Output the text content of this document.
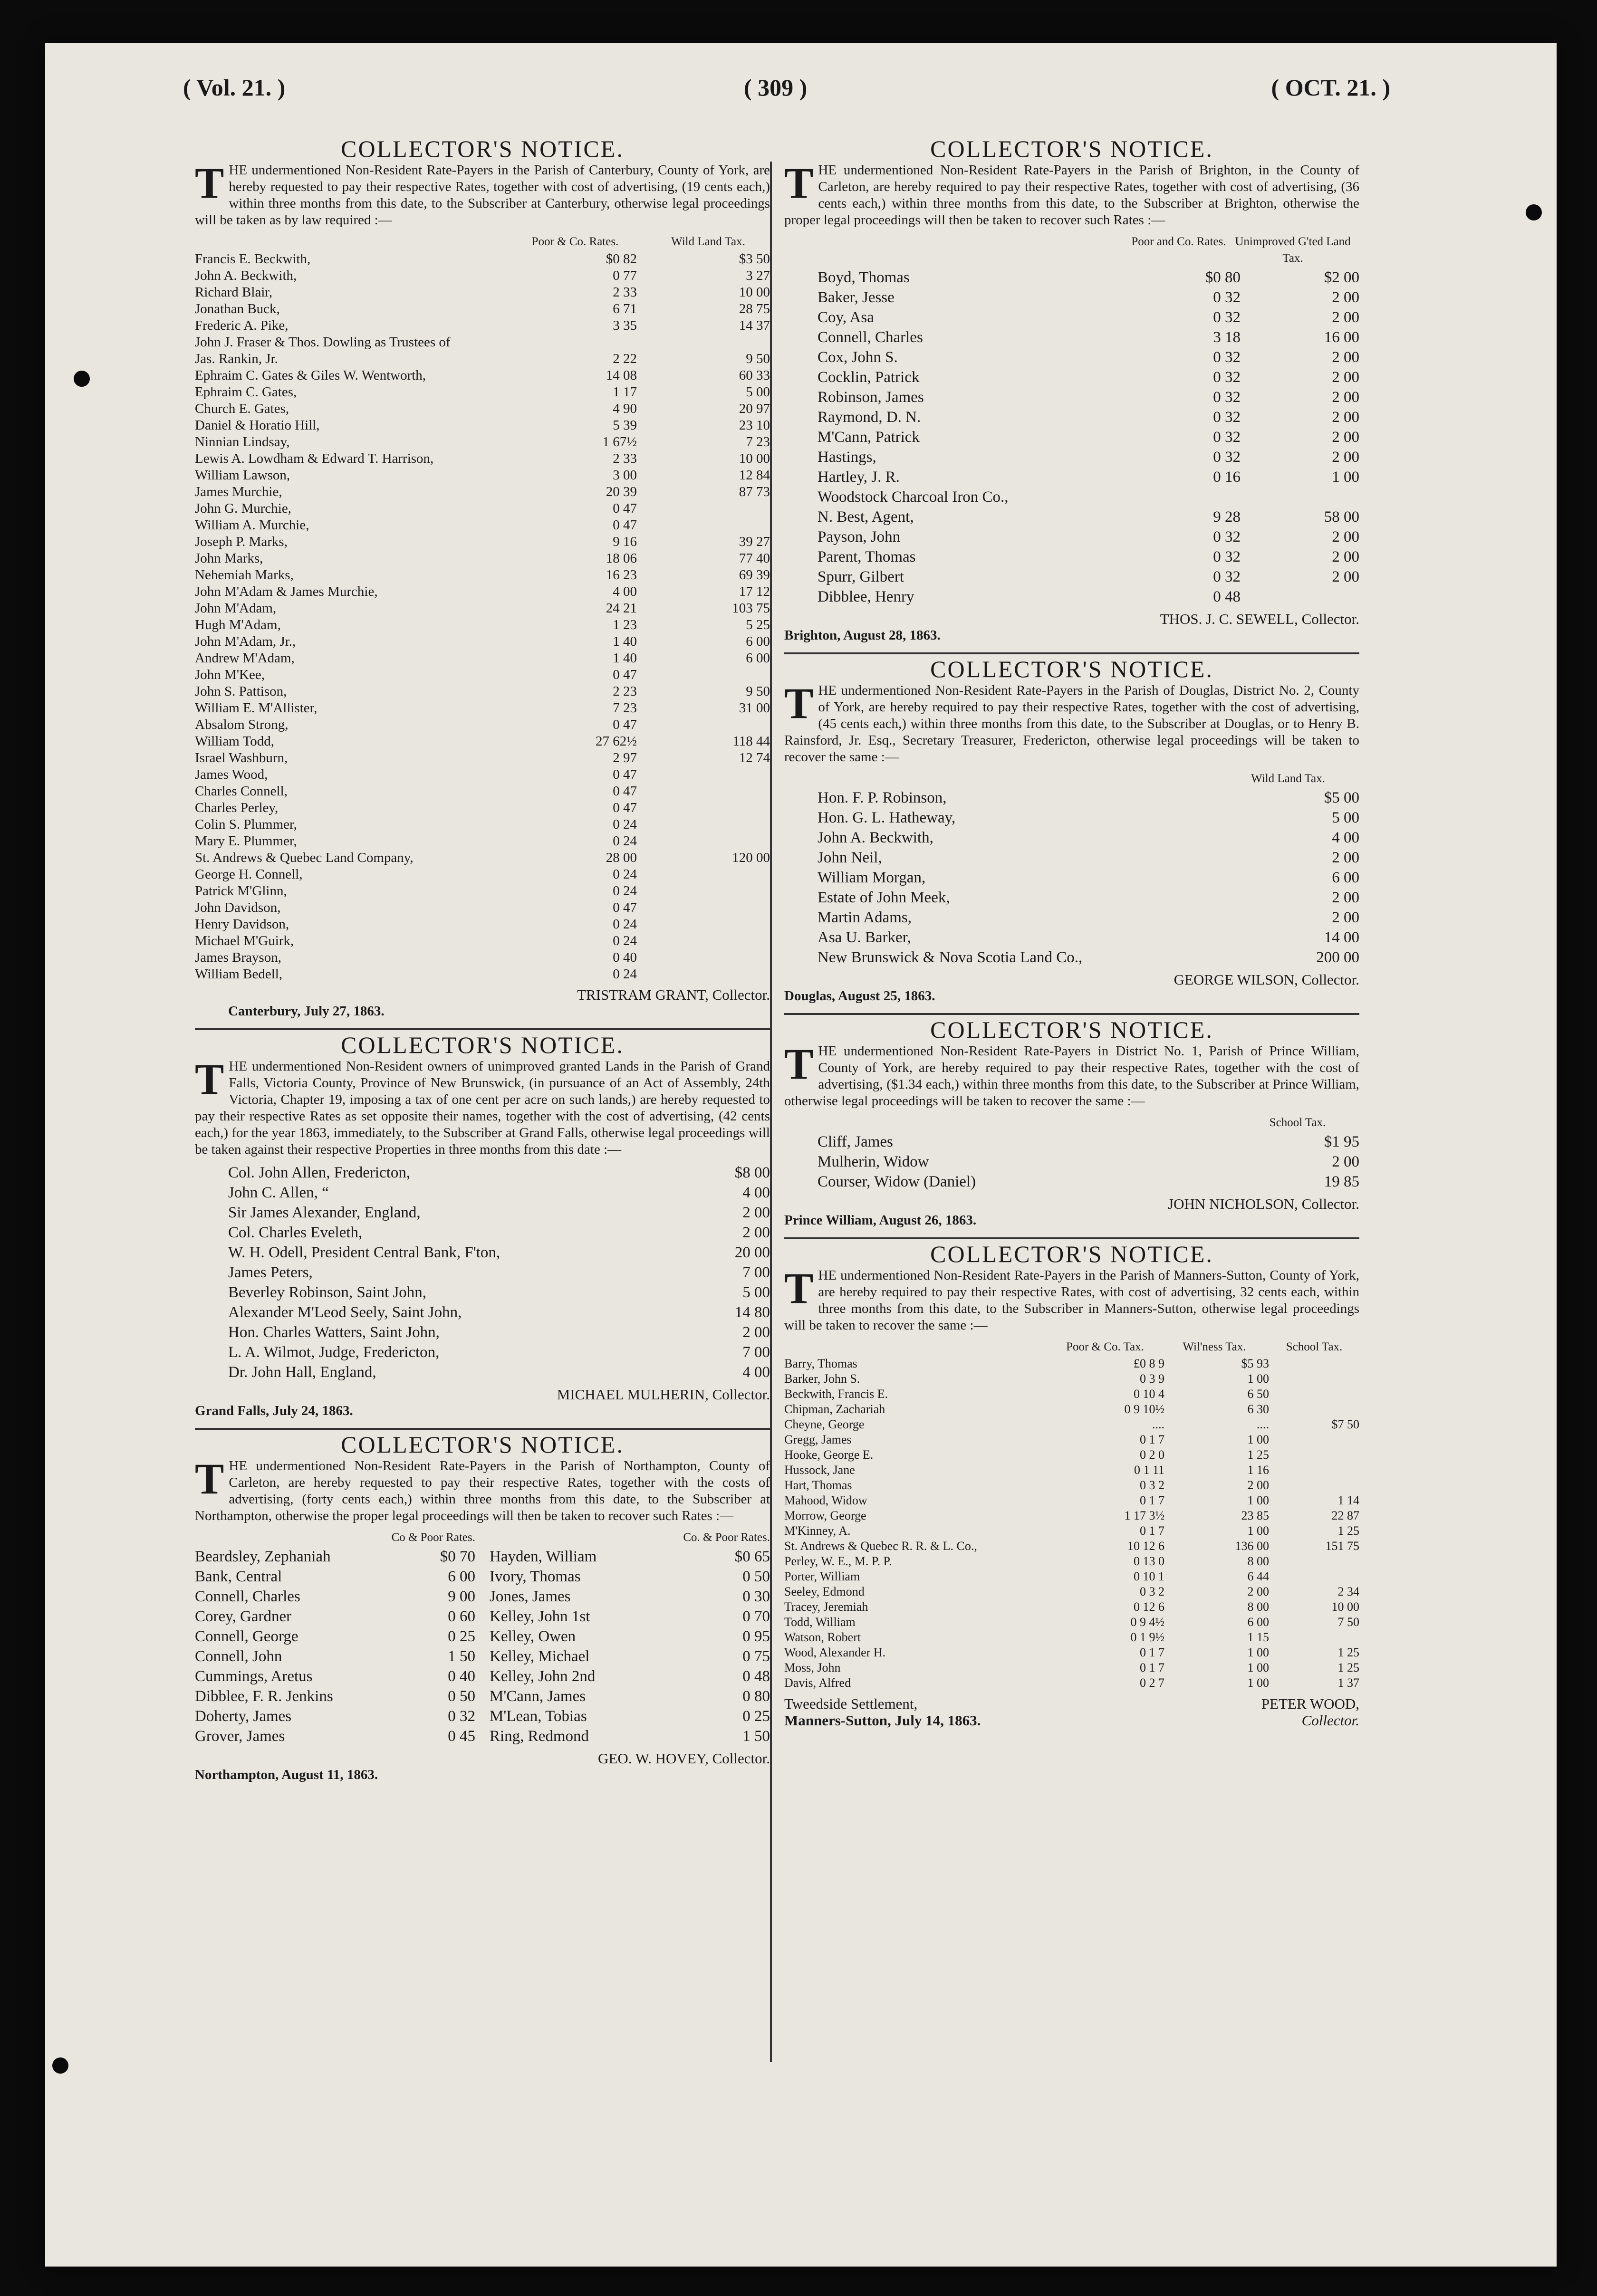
( Vol. 21. )	( 309 )	( OCT. 21. )
COLLECTOR'S NOTICE.
THE undermentioned Non-Resident Rate-Payers in the Parish of Canterbury, County of York, are hereby requested to pay their respective Rates, together with cost of advertising, (19 cents each,) within three months from this date, to the Subscriber at Canterbury, otherwise legal proceedings will be taken as by law required :—
Poor & Co. Rates.	Wild Land Tax.
Francis E. Beckwith,	$0 82	$3 50
John A. Beckwith,	0 77	3 27
Richard Blair,	2 33	10 00
Jonathan Buck,	6 71	28 75
Frederic A. Pike,	3 35	14 37
John J. Fraser & Thos. Dowling as Trustees of
Jas. Rankin, Jr.	2 22	9 50
Ephraim C. Gates & Giles W. Wentworth,	14 08	60 33
Ephraim C. Gates,	1 17	5 00
Church E. Gates,	4 90	20 97
Daniel & Horatio Hill,	5 39	23 10
Ninnian Lindsay,	1 67½	7 23
Lewis A. Lowdham & Edward T. Harrison,	2 33	10 00
William Lawson,	3 00	12 84
James Murchie,	20 39	87 73
John G. Murchie,	0 47
William A. Murchie,	0 47
Joseph P. Marks,	9 16	39 27
John Marks,	18 06	77 40
Nehemiah Marks,	16 23	69 39
John M'Adam & James Murchie,	4 00	17 12
John M'Adam,	24 21	103 75
Hugh M'Adam,	1 23	5 25
John M'Adam, Jr.,	1 40	6 00
Andrew M'Adam,	1 40	6 00
John M'Kee,	0 47
John S. Pattison,	2 23	9 50
William E. M'Allister,	7 23	31 00
Absalom Strong,	0 47
William Todd,	27 62½	118 44
Israel Washburn,	2 97	12 74
James Wood,	0 47
Charles Connell,	0 47
Charles Perley,	0 47
Colin S. Plummer,	0 24
Mary E. Plummer,	0 24
St. Andrews & Quebec Land Company,	28 00	120 00
George H. Connell,	0 24
Patrick M'Glinn,	0 24
John Davidson,	0 47
Henry Davidson,	0 24
Michael M'Guirk,	0 24
James Brayson,	0 40
William Bedell,	0 24
TRISTRAM GRANT, Collector.
Canterbury, July 27, 1863.
COLLECTOR'S NOTICE.
THE undermentioned Non-Resident owners of unimproved granted Lands in the Parish of Grand Falls, Victoria County, Province of New Brunswick, (in pursuance of an Act of Assembly, 24th Victoria, Chapter 19, imposing a tax of one cent per acre on such lands,) are hereby requested to pay their respective Rates as set opposite their names, together with the cost of advertising, (42 cents each,) for the year 1863, immediately, to the Subscriber at Grand Falls, otherwise legal proceedings will be taken against their respective Properties in three months from this date :—
Col. John Allen, Fredericton,	$8 00
John C. Allen, “	4 00
Sir James Alexander, England,	2 00
Col. Charles Eveleth,	2 00
W. H. Odell, President Central Bank, F'ton,	20 00
James Peters,	7 00
Beverley Robinson, Saint John,	5 00
Alexander M'Leod Seely, Saint John,	14 80
Hon. Charles Watters, Saint John,	2 00
L. A. Wilmot, Judge, Fredericton,	7 00
Dr. John Hall, England,	4 00
MICHAEL MULHERIN, Collector.
Grand Falls, July 24, 1863.
COLLECTOR'S NOTICE.
THE undermentioned Non-Resident Rate-Payers in the Parish of Northampton, County of Carleton, are hereby requested to pay their respective Rates, together with the costs of advertising, (forty cents each,) within three months from this date, to the Subscriber at Northampton, otherwise the proper legal proceedings will then be taken to recover such Rates :—
Co & Poor Rates.
Beardsley, Zephaniah	$0 70
Bank, Central	6 00
Connell, Charles	9 00
Corey, Gardner	0 60
Connell, George	0 25
Connell, John	1 50
Cummings, Aretus	0 40
Dibblee, F. R. Jenkins	0 50
Doherty, James	0 32
Grover, James	0 45
Co. & Poor Rates.
Hayden, William	$0 65
Ivory, Thomas	0 50
Jones, James	0 30
Kelley, John 1st	0 70
Kelley, Owen	0 95
Kelley, Michael	0 75
Kelley, John 2nd	0 48
M'Cann, James	0 80
M'Lean, Tobias	0 25
Ring, Redmond	1 50
GEO. W. HOVEY, Collector.
Northampton, August 11, 1863.
COLLECTOR'S NOTICE.
THE undermentioned Non-Resident Rate-Payers in the Parish of Brighton, in the County of Carleton, are hereby required to pay their respective Rates, together with cost of advertising, (36 cents each,) within three months from this date, to the Subscriber at Brighton, otherwise the proper legal proceedings will then be taken to recover such Rates :—
Poor and Co. Rates. Unimproved G'ted Land Tax.
Boyd, Thomas	$0 80	$2 00
Baker, Jesse	0 32	2 00
Coy, Asa	0 32	2 00
Connell, Charles	3 18	16 00
Cox, John S.	0 32	2 00
Cocklin, Patrick	0 32	2 00
Robinson, James	0 32	2 00
Raymond, D. N.	0 32	2 00
M'Cann, Patrick	0 32	2 00
Hastings,	0 32	2 00
Hartley, J. R.	0 16	1 00
Woodstock Charcoal Iron Co.,
N. Best, Agent,	9 28	58 00
Payson, John	0 32	2 00
Parent, Thomas	0 32	2 00
Spurr, Gilbert	0 32	2 00
Dibblee, Henry	0 48
THOS. J. C. SEWELL, Collector.
Brighton, August 28, 1863.
COLLECTOR'S NOTICE.
THE undermentioned Non-Resident Rate-Payers in the Parish of Douglas, District No. 2, County of York, are hereby required to pay their respective Rates, together with the cost of advertising, (45 cents each,) within three months from this date, to the Subscriber at Douglas, or to Henry B. Rainsford, Jr. Esq., Secretary Treasurer, Fredericton, otherwise legal proceedings will be taken to recover the same :—
Wild Land Tax.
Hon. F. P. Robinson,	$5 00
Hon. G. L. Hatheway,	5 00
John A. Beckwith,	4 00
John Neil,	2 00
William Morgan,	6 00
Estate of John Meek,	2 00
Martin Adams,	2 00
Asa U. Barker,	14 00
New Brunswick & Nova Scotia Land Co.,	200 00
GEORGE WILSON, Collector.
Douglas, August 25, 1863.
COLLECTOR'S NOTICE.
THE undermentioned Non-Resident Rate-Payers in District No. 1, Parish of Prince William, County of York, are hereby required to pay their respective Rates, together with the cost of advertising, ($1.34 each,) within three months from this date, to the Subscriber at Prince William, otherwise legal proceedings will be taken to recover the same :—
School Tax.
Cliff, James	$1 95
Mulherin, Widow	2 00
Courser, Widow (Daniel)	19 85
JOHN NICHOLSON, Collector.
Prince William, August 26, 1863.
COLLECTOR'S NOTICE.
THE undermentioned Non-Resident Rate-Payers in the Parish of Manners-Sutton, County of York, are hereby required to pay their respective Rates, with cost of advertising, 32 cents each, within three months from this date, to the Subscriber in Manners-Sutton, otherwise legal proceedings will be taken to recover the same :—
Poor & Co. Tax.	Wil'ness Tax.	School Tax.
Barry, Thomas	£0 8 9	$5 93
Barker, John S.	0 3 9	1 00
Beckwith, Francis E.	0 10 4	6 50
Chipman, Zachariah	0 9 10½	6 30
Cheyne, George	....	....	$7 50
Gregg, James	0 1 7	1 00
Hooke, George E.	0 2 0	1 25
Hussock, Jane	0 1 11	1 16
Hart, Thomas	0 3 2	2 00
Mahood, Widow	0 1 7	1 00	1 14
Morrow, George	1 17 3½	23 85	22 87
M'Kinney, A.	0 1 7	1 00	1 25
St. Andrews & Quebec R. R. & L. Co.,	10 12 6	136 00	151 75
Perley, W. E., M. P. P.	0 13 0	8 00
Porter, William	0 10 1	6 44
Seeley, Edmond	0 3 2	2 00	2 34
Tracey, Jeremiah	0 12 6	8 00	10 00
Todd, William	0 9 4½	6 00	7 50
Watson, Robert	0 1 9½	1 15
Wood, Alexander H.	0 1 7	1 00	1 25
Moss, John	0 1 7	1 00	1 25
Davis, Alfred	0 2 7	1 00	1 37
Tweedside Settlement,	PETER WOOD,
Manners-Sutton, July 14, 1863.	Collector.
